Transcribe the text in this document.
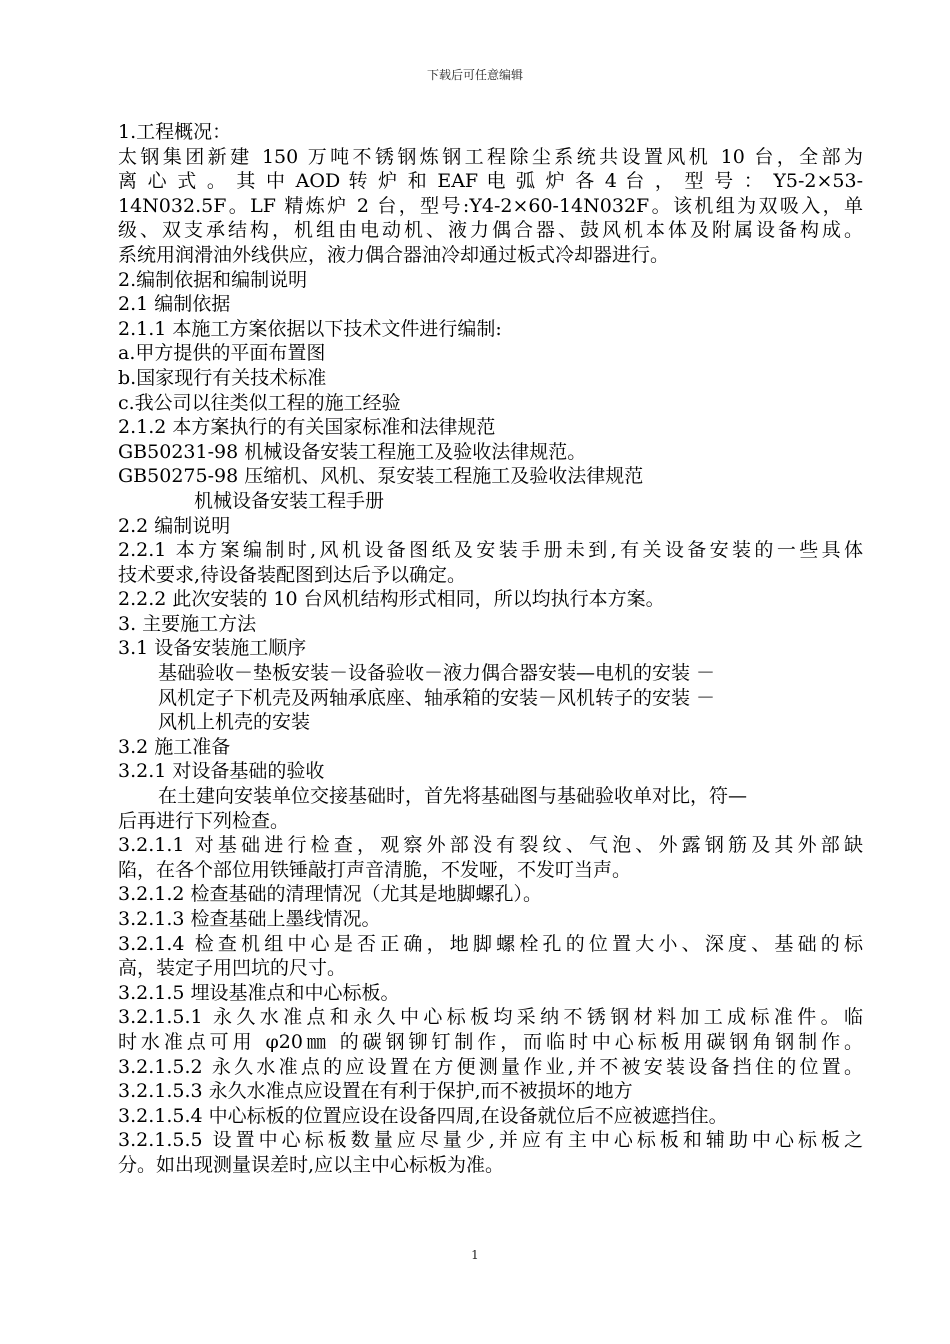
下载后可任意编辑
1.工程概况：
太钢集团新建 150 万吨不锈钢炼钢工程除尘系统共设置风机 10 台，全部为
离 心 式 。 其 中 AOD 转 炉 和 EAF 电 弧 炉 各 4 台 ， 型 号 ： Y5-2×53-
14N032.5F。LF 精炼炉 2 台，型号:Y4-2×60-14N032F。该机组为双吸入，单
级、双支承结构，机组由电动机、液力偶合器、鼓风机本体及附属设备构成。
系统用润滑油外线供应，液力偶合器油冷却通过板式冷却器进行。
2.编制依据和编制说明
2.1 编制依据
2.1.1 本施工方案依据以下技术文件进行编制:
a.甲方提供的平面布置图
b.国家现行有关技术标准
c.我公司以往类似工程的施工经验
2.1.2 本方案执行的有关国家标准和法律规范
GB50231-98 机械设备安装工程施工及验收法律规范。
GB50275-98 压缩机、风机、泵安装工程施工及验收法律规范
机械设备安装工程手册
2.2 编制说明
2.2.1 本方案编制时,风机设备图纸及安装手册未到,有关设备安装的一些具体
技术要求,待设备装配图到达后予以确定。
2.2.2 此次安装的 10 台风机结构形式相同，所以均执行本方案。
3. 主要施工方法
3.1 设备安装施工顺序
基础验收－垫板安装－设备验收－液力偶合器安装—电机的安装 －
风机定子下机壳及两轴承底座、轴承箱的安装－风机转子的安装 －
风机上机壳的安装
3.2 施工准备
3.2.1 对设备基础的验收
在土建向安装单位交接基础时，首先将基础图与基础验收单对比，符—
后再进行下列检查。
3.2.1.1 对基础进行检查，观察外部没有裂纹、气泡、外露钢筋及其外部缺
陷，在各个部位用铁锤敲打声音清脆，不发哑，不发叮当声。
3.2.1.2 检查基础的清理情况（尤其是地脚螺孔）。
3.2.1.3 检查基础上墨线情况。
3.2.1.4 检查机组中心是否正确，地脚螺栓孔的位置大小、深度、基础的标
高，装定子用凹坑的尺寸。
3.2.1.5 埋设基准点和中心标板。
3.2.1.5.1 永久水准点和永久中心标板均采纳不锈钢材料加工成标准件。临
时水准点可用 φ20㎜ 的碳钢铆钉制作，而临时中心标板用碳钢角钢制作。
3.2.1.5.2 永久水准点的应设置在方便测量作业,并不被安装设备挡住的位置。
3.2.1.5.3 永久水准点应设置在有利于保护,而不被损坏的地方
3.2.1.5.4 中心标板的位置应设在设备四周,在设备就位后不应被遮挡住。
3.2.1.5.5 设置中心标板数量应尽量少,并应有主中心标板和辅助中心标板之
分。如出现测量误差时,应以主中心标板为准。
1
